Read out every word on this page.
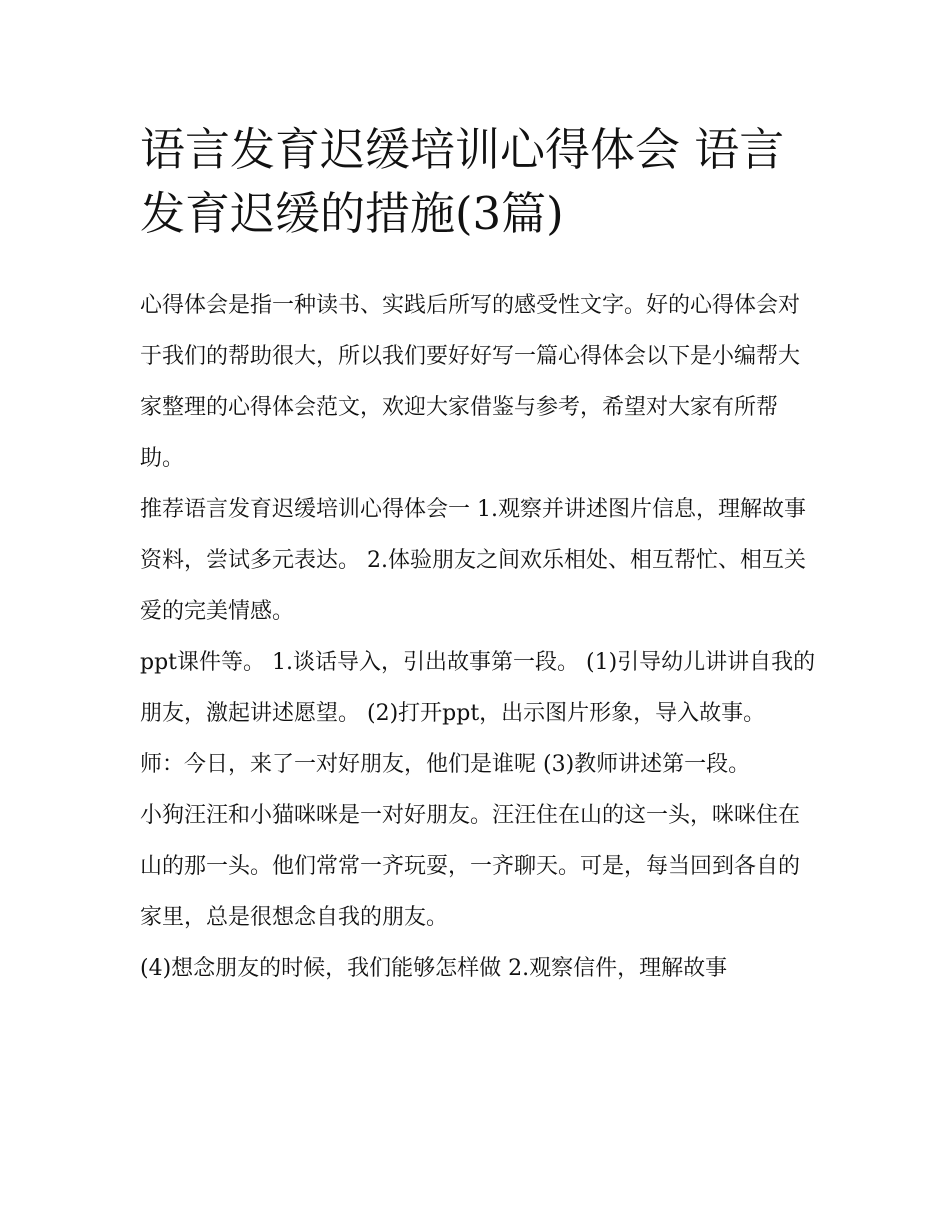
语言发育迟缓培训心得体会 语言发育迟缓的措施(3篇)

心得体会是指一种读书、实践后所写的感受性文字。好的心得体会对于我们的帮助很大，所以我们要好好写一篇心得体会以下是小编帮大家整理的心得体会范文，欢迎大家借鉴与参考，希望对大家有所帮助。

推荐语言发育迟缓培训心得体会一 1.观察并讲述图片信息，理解故事资料，尝试多元表达。 2.体验朋友之间欢乐相处、相互帮忙、相互关爱的完美情感。

ppt课件等。 1.谈话导入，引出故事第一段。 (1)引导幼儿讲讲自我的朋友，激起讲述愿望。 (2)打开ppt，出示图片形象，导入故事。

师：今日，来了一对好朋友，他们是谁呢 (3)教师讲述第一段。

小狗汪汪和小猫咪咪是一对好朋友。汪汪住在山的这一头，咪咪住在山的那一头。他们常常一齐玩耍，一齐聊天。可是，每当回到各自的家里，总是很想念自我的朋友。

(4)想念朋友的时候，我们能够怎样做 2.观察信件，理解故事
